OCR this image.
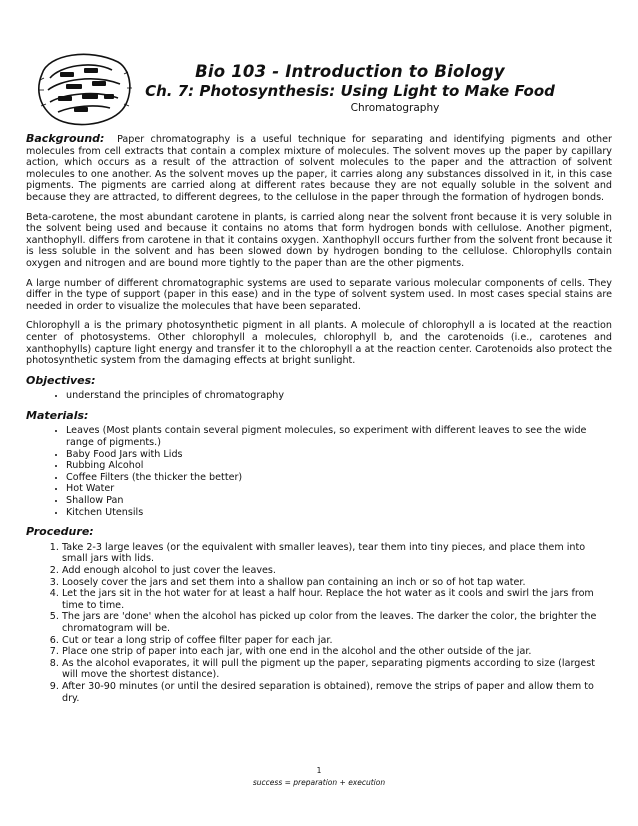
Bio 103 - Introduction to Biology
Ch. 7: Photosynthesis: Using Light to Make Food
Chromatography

Background: Paper chromatography is a useful technique for separating and identifying pigments and other molecules from cell extracts that contain a complex mixture of molecules. The solvent moves up the paper by capillary action, which occurs as a result of the attraction of solvent molecules to the paper and the attraction of solvent molecules to one another. As the solvent moves up the paper, it carries along any substances dissolved in it, in this case pigments. The pigments are carried along at different rates because they are not equally soluble in the solvent and because they are attracted, to different degrees, to the cellulose in the paper through the formation of hydrogen bonds.

Beta-carotene, the most abundant carotene in plants, is carried along near the solvent front because it is very soluble in the solvent being used and because it contains no atoms that form hydrogen bonds with cellulose. Another pigment, xanthophyll. differs from carotene in that it contains oxygen. Xanthophyll occurs further from the solvent front because it is less soluble in the solvent and has been slowed down by hydrogen bonding to the cellulose. Chlorophylls contain oxygen and nitrogen and are bound more tightly to the paper than are the other pigments.

A large number of different chromatographic systems are used to separate various molecular components of cells. They differ in the type of support (paper in this ease) and in the type of solvent system used. In most cases special stains are needed in order to visualize the molecules that have been separated.

Chlorophyll a is the primary photosynthetic pigment in all plants. A molecule of chlorophyll a is located at the reaction center of photosystems. Other chlorophyll a molecules, chlorophyll b, and the carotenoids (i.e., carotenes and xanthophylls) capture light energy and transfer it to the chlorophyll a at the reaction center. Carotenoids also protect the photosynthetic system from the damaging effects at bright sunlight.

Objectives:
• understand the principles of chromatography
Materials:
• Leaves (Most plants contain several pigment molecules, so experiment with different leaves to see the wide range of pigments.)
• Baby Food Jars with Lids
• Rubbing Alcohol
• Coffee Filters (the thicker the better)
• Hot Water
• Shallow Pan
• Kitchen Utensils
Procedure:
1. Take 2-3 large leaves (or the equivalent with smaller leaves), tear them into tiny pieces, and place them into small jars with lids.
2. Add enough alcohol to just cover the leaves.
3. Loosely cover the jars and set them into a shallow pan containing an inch or so of hot tap water.
4. Let the jars sit in the hot water for at least a half hour. Replace the hot water as it cools and swirl the jars from time to time.
5. The jars are 'done' when the alcohol has picked up color from the leaves. The darker the color, the brighter the chromatogram will be.
6. Cut or tear a long strip of coffee filter paper for each jar.
7. Place one strip of paper into each jar, with one end in the alcohol and the other outside of the jar.
8. As the alcohol evaporates, it will pull the pigment up the paper, separating pigments according to size (largest will move the shortest distance).
9. After 30-90 minutes (or until the desired separation is obtained), remove the strips of paper and allow them to dry.
1
success = preparation + execution
